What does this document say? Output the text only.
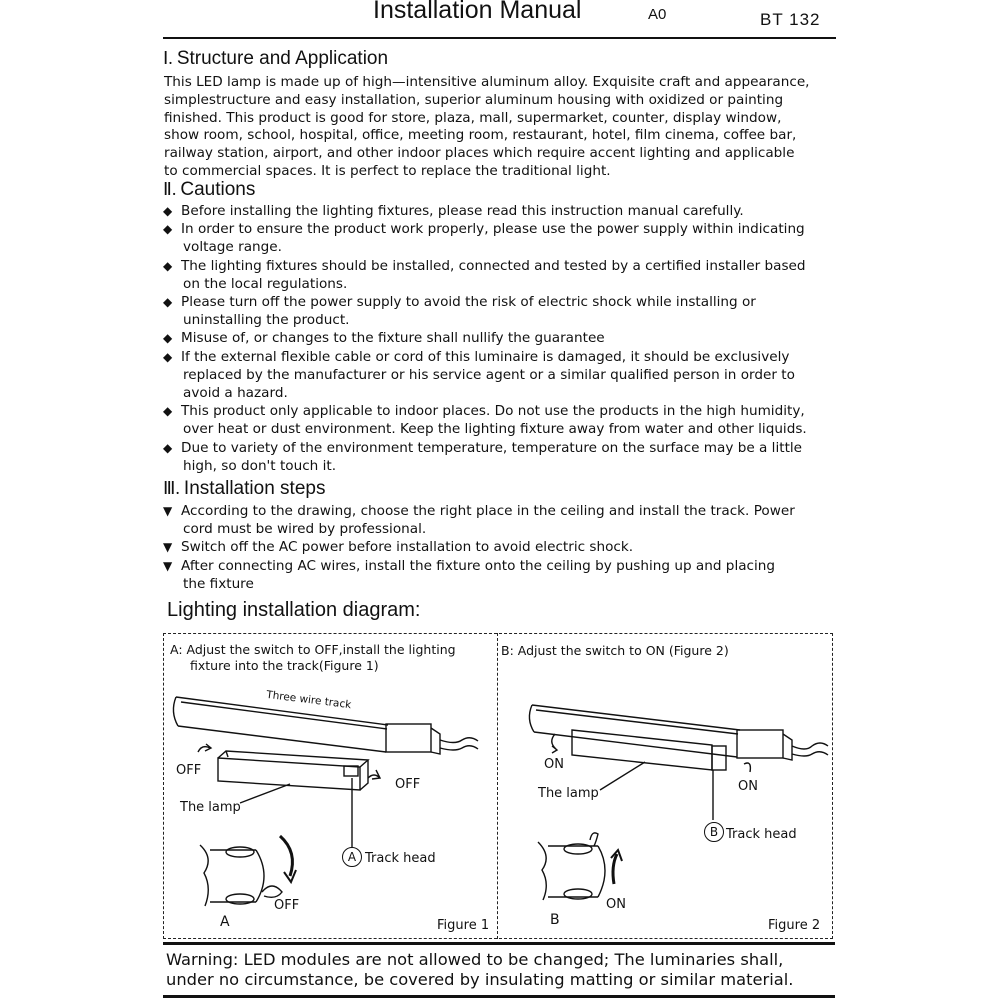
Installation Manual	A0	BT 132
Ⅰ. Structure and Application

This LED lamp is made up of high—intensitive aluminum alloy. Exquisite craft and appearance,

simplestructure and easy installation, superior aluminum housing with oxidized or painting

finished. This product is good for store, plaza, mall, supermarket, counter, display window,

show room, school, hospital, office, meeting room, restaurant, hotel, film cinema, coffee bar,

railway station, airport, and other indoor places which require accent lighting and applicable

to commercial spaces. It is perfect to replace the traditional light.

Ⅱ. Cautions
◆ Before installing the lighting fixtures, please read this instruction manual carefully.
◆ In order to ensure the product work properly, please use the power supply within indicating
voltage range.
◆ The lighting fixtures should be installed, connected and tested by a certified installer based
on the local regulations.
◆ Please turn off the power supply to avoid the risk of electric shock while installing or
uninstalling the product.
◆ Misuse of, or changes to the fixture shall nullify the guarantee
◆ If the external flexible cable or cord of this luminaire is damaged, it should be exclusively
replaced by the manufacturer or his service agent or a similar qualified person in order to
avoid a hazard.
◆ This product only applicable to indoor places. Do not use the products in the high humidity,
over heat or dust environment. Keep the lighting fixture away from water and other liquids.
◆ Due to variety of the environment temperature, temperature on the surface may be a little
high, so don't touch it.
Ⅲ. Installation steps
▼ According to the drawing, choose the right place in the ceiling and install the track. Power
cord must be wired by professional.
▼ Switch off the AC power before installation to avoid electric shock.
▼ After connecting AC wires, install the fixture onto the ceiling by pushing up and placing
the fixture
Lighting installation diagram:
A: Adjust the switch to OFF,install the lighting
fixture into the track(Figure 1)
Three wire track
OFF
OFF
The lamp
A Track head
OFF
A	Figure 1
B: Adjust the switch to ON (Figure 2)
ON
ON
The lamp
B Track head
ON
B	Figure 2
Warning: LED modules are not allowed to be changed; The luminaries shall,
under no circumstance, be covered by insulating matting or similar material.
